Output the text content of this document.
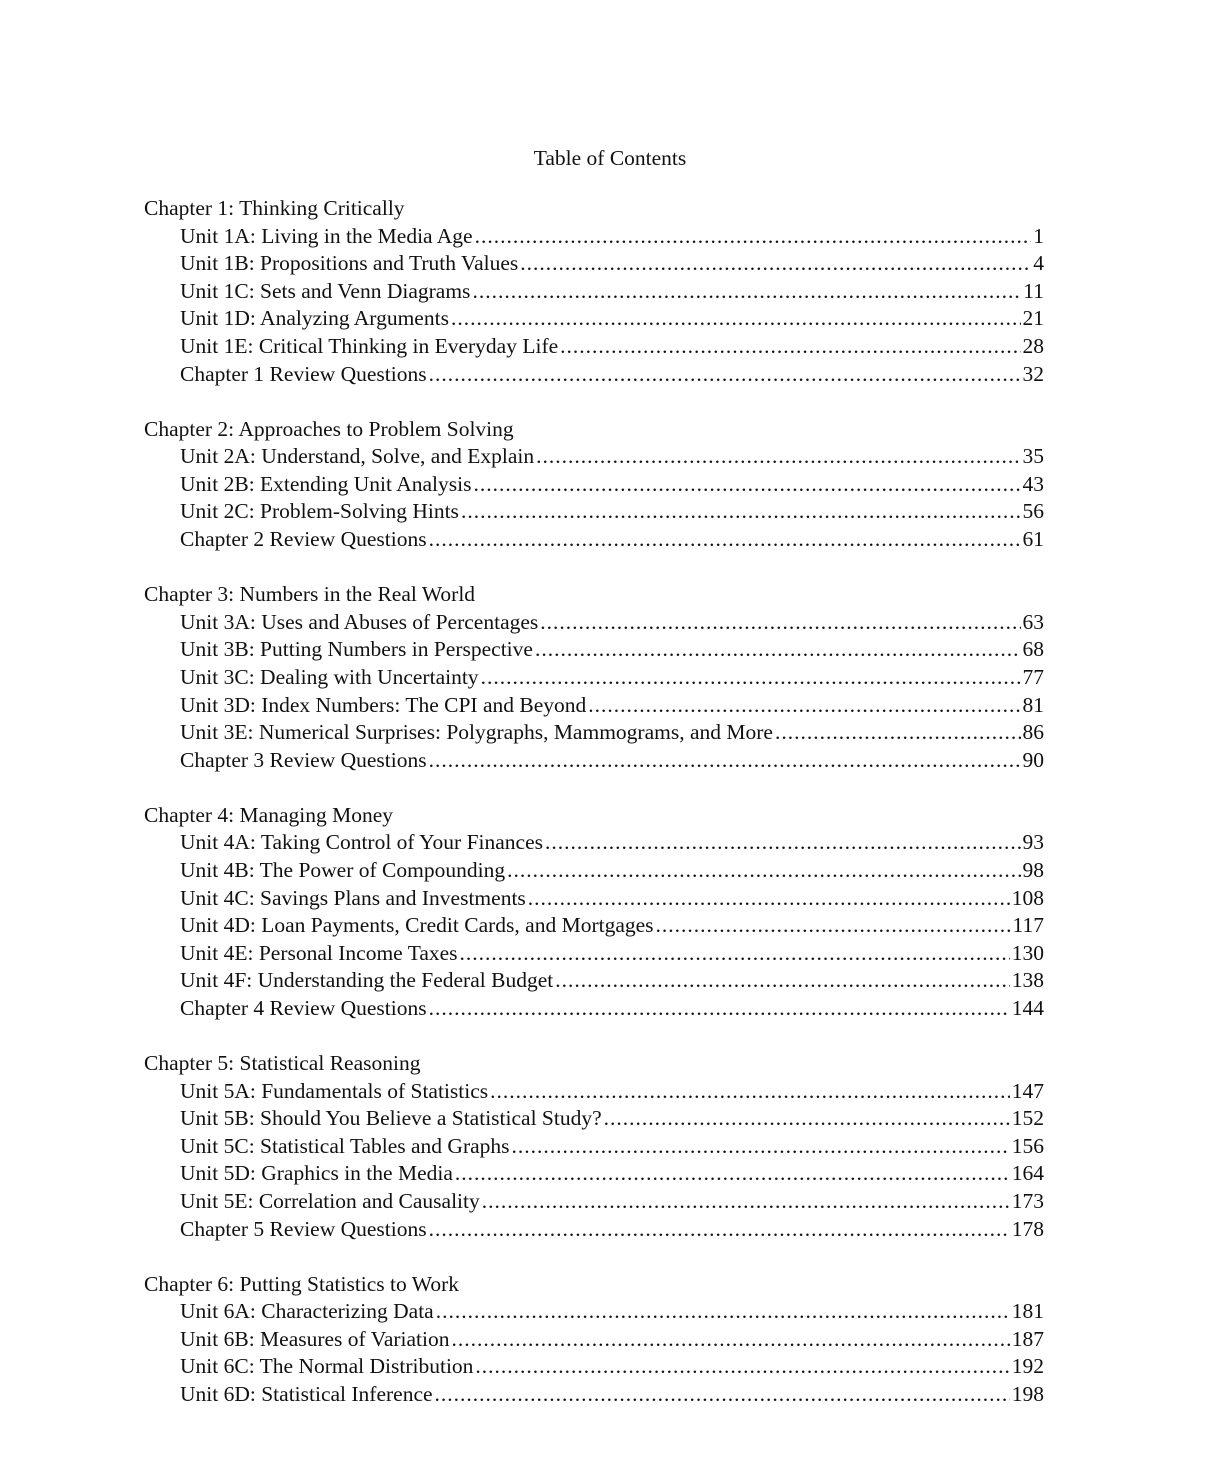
Table of Contents
Chapter 1: Thinking Critically
Unit 1A: Living in the Media Age .....	1
Unit 1B: Propositions and Truth Values .....	4
Unit 1C: Sets and Venn Diagrams .....	11
Unit 1D: Analyzing Arguments .....	21
Unit 1E: Critical Thinking in Everyday Life .....	28
Chapter 1 Review Questions .....	32
Chapter 2: Approaches to Problem Solving
Unit 2A: Understand, Solve, and Explain .....	35
Unit 2B: Extending Unit Analysis .....	43
Unit 2C: Problem-Solving Hints .....	56
Chapter 2 Review Questions .....	61
Chapter 3: Numbers in the Real World
Unit 3A: Uses and Abuses of Percentages .....	63
Unit 3B: Putting Numbers in Perspective .....	68
Unit 3C: Dealing with Uncertainty .....	77
Unit 3D: Index Numbers: The CPI and Beyond .....	81
Unit 3E: Numerical Surprises: Polygraphs, Mammograms, and More .....	86
Chapter 3 Review Questions .....	90
Chapter 4: Managing Money
Unit 4A: Taking Control of Your Finances .....	93
Unit 4B: The Power of Compounding .....	98
Unit 4C: Savings Plans and Investments .....	108
Unit 4D: Loan Payments, Credit Cards, and Mortgages .....	117
Unit 4E: Personal Income Taxes .....	130
Unit 4F: Understanding the Federal Budget .....	138
Chapter 4 Review Questions .....	144
Chapter 5: Statistical Reasoning
Unit 5A: Fundamentals of Statistics .....	147
Unit 5B: Should You Believe a Statistical Study? .....	152
Unit 5C: Statistical Tables and Graphs .....	156
Unit 5D: Graphics in the Media .....	164
Unit 5E: Correlation and Causality .....	173
Chapter 5 Review Questions .....	178
Chapter 6: Putting Statistics to Work
Unit 6A: Characterizing Data .....	181
Unit 6B: Measures of Variation .....	187
Unit 6C: The Normal Distribution .....	192
Unit 6D: Statistical Inference .....	198
